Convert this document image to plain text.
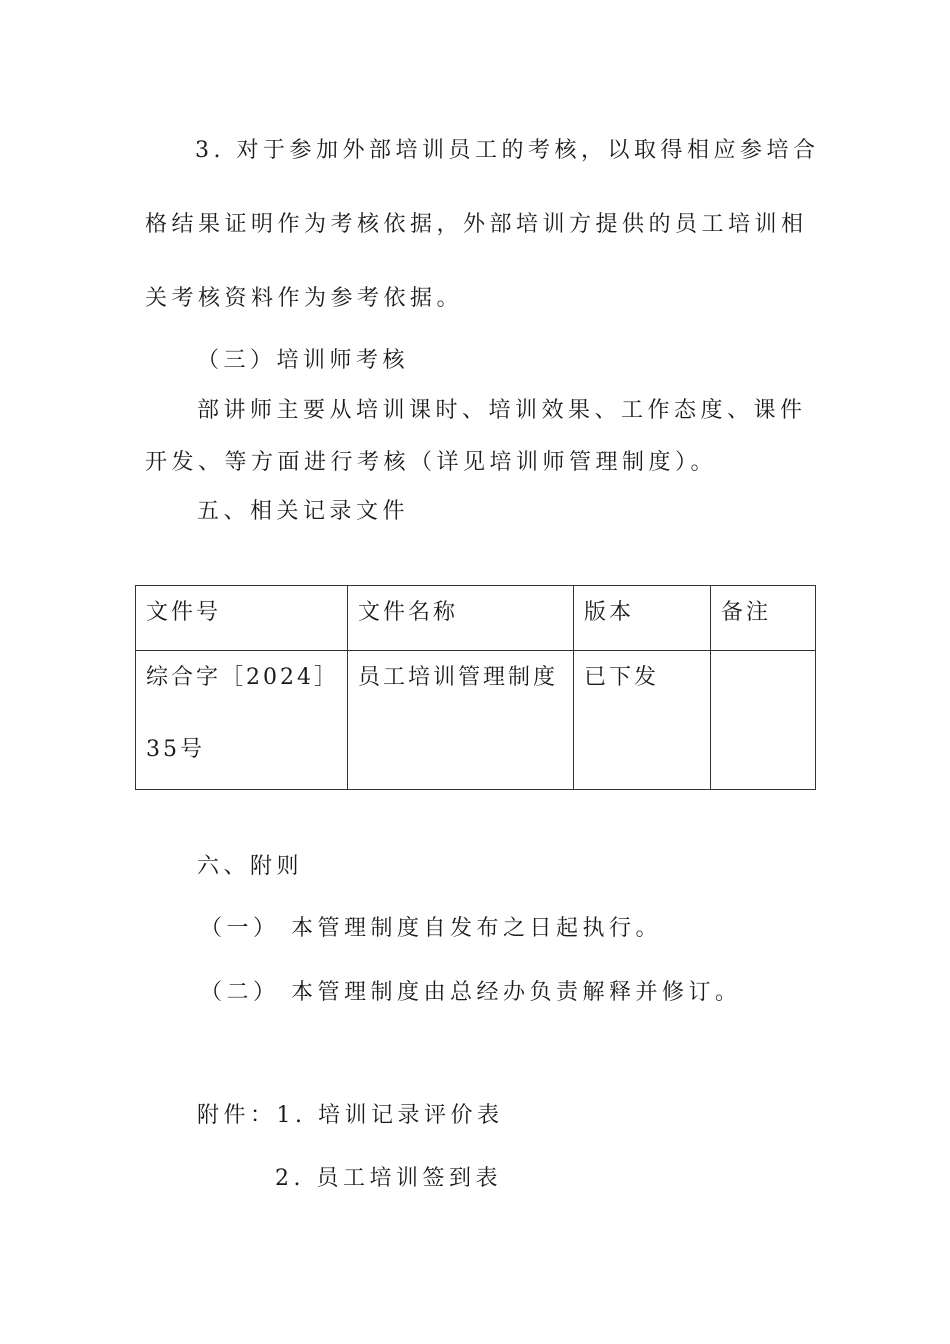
3. 对于参加外部培训员工的考核，以取得相应参培合
格结果证明作为考核依据，外部培训方提供的员工培训相
关考核资料作为参考依据。
（三）培训师考核
部讲师主要从培训课时、培训效果、工作态度、课件
开发、等方面进行考核（详见培训师管理制度）。
五、相关记录文件
文件号	文件名称	版本	备注
综合字［2024］
35号	员工培训管理制度	已下发	
六、附则
（一） 本管理制度自发布之日起执行。
（二） 本管理制度由总经办负责解释并修订。
附件：1. 培训记录评价表
2. 员工培训签到表
